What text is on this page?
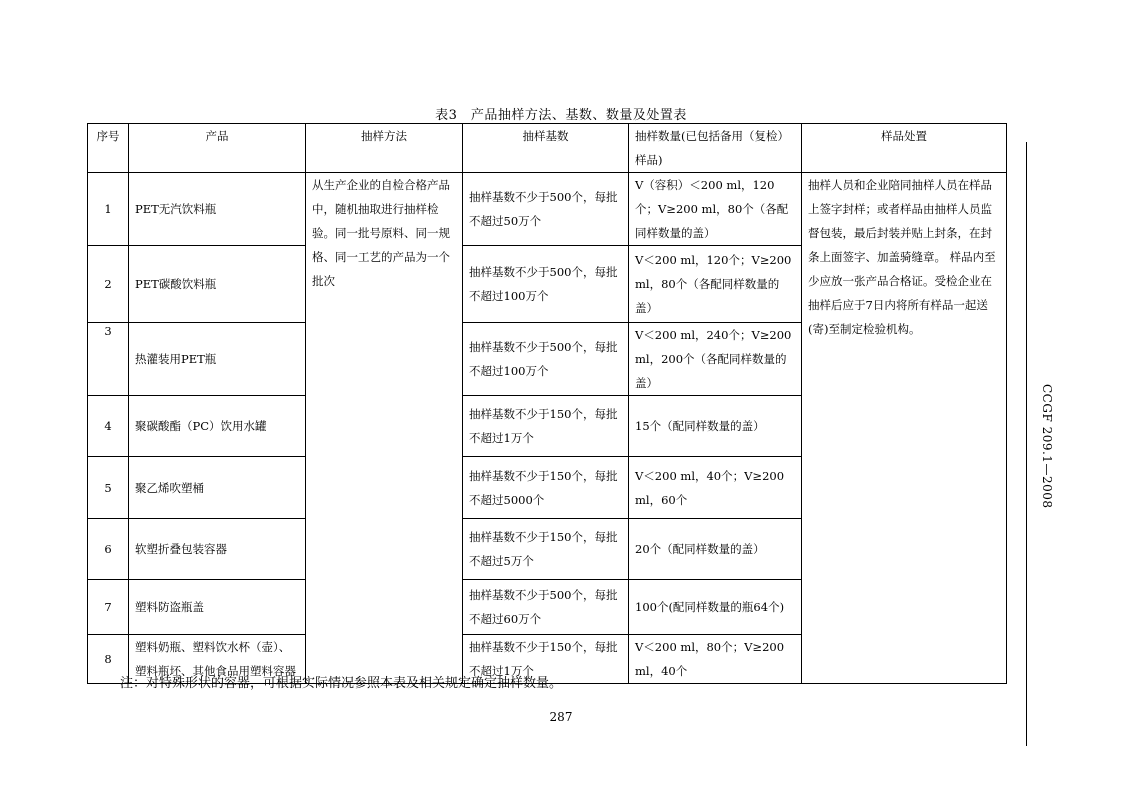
表3　产品抽样方法、基数、数量及处置表
序号	产品	抽样方法	抽样基数	抽样数量(已包括备用（复检）样品)	样品处置
1	PET无汽饮料瓶	从生产企业的自检合格产品中，随机抽取进行抽样检验。同一批号原料、同一规格、同一工艺的产品为一个批次	抽样基数不少于500个，每批不超过50万个	V（容积）＜200 ml，120个；V≥200 ml，80个（各配同样数量的盖）	抽样人员和企业陪同抽样人员在样品上签字封样；或者样品由抽样人员监督包装，最后封装并贴上封条，在封条上面签字、加盖骑缝章。 样品内至少应放一张产品合格证。受检企业在抽样后应于7日内将所有样品一起送(寄)至制定检验机构。
2	PET碳酸饮料瓶		抽样基数不少于500个，每批不超过100万个	V＜200 ml，120个；V≥200 ml，80个（各配同样数量的盖）	
3	热灌装用PET瓶		抽样基数不少于500个，每批不超过100万个	V＜200 ml，240个；V≥200 ml，200个（各配同样数量的盖）	
4	聚碳酸酯（PC）饮用水罐		抽样基数不少于150个，每批不超过1万个	15个（配同样数量的盖）	
5	聚乙烯吹塑桶		抽样基数不少于150个，每批不超过5000个	V＜200 ml，40个；V≥200 ml，60个	
6	软塑折叠包装容器		抽样基数不少于150个，每批不超过5万个	20个（配同样数量的盖）	
7	塑料防盗瓶盖		抽样基数不少于500个，每批不超过60万个	100个(配同样数量的瓶64个)	
8	塑料奶瓶、塑料饮水杯（壶）、塑料瓶坯、其他食品用塑料容器		抽样基数不少于150个，每批不超过1万个	V＜200 ml，80个；V≥200 ml，40个	
注：对特殊形状的容器，可根据实际情况参照本表及相关规定确定抽样数量。
287
CCGF 209.1—2008
